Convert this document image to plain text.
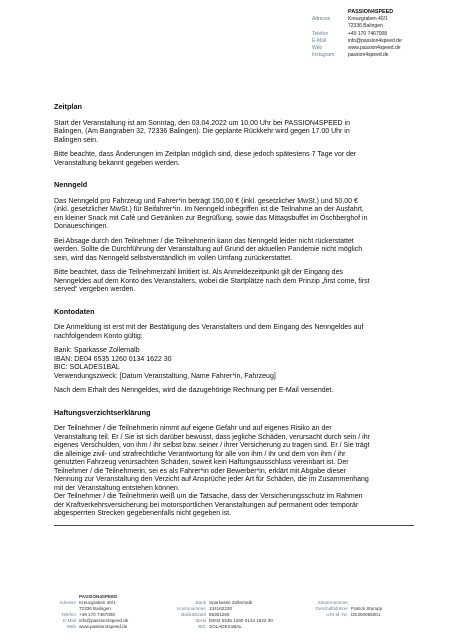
PASSION4SPEED
Adresse	Kreuzgraben 40/1
72336 Balingen
Telefon	+49 170 7467008
E-Mail	info@passion4speed.de
Web	www.passion4speed.de
Instagram	passion4speed.de
Zeitplan
Start der Veranstaltung ist am Sonntag, den 03.04.2022 um 10.00 Uhr bei PASSION4SPEED in
Balingen, (Am Bangraben 32, 72336 Balingen). Die geplante Rückkehr wird gegen 17.00 Uhr in
Balingen sein.
Bitte beachte, dass Änderungen im Zeitplan möglich sind, diese jedoch spätestens 7 Tage vor der
Veranstaltung bekannt gegeben werden.
Nenngeld
Das Nenngeld pro Fahrzeug und Fahrer*in beträgt 150,00 € (inkl. gesetzlicher MwSt.) und 50,00 €
(inkl. gesetzlicher MwSt.) für Beifahrer*in. Im Nenngeld inbegriffen ist die Teilnahme an der Ausfahrt,
ein kleiner Snack mit Café und Getränken zur Begrüßung, sowie das Mittagsbuffet im Öschberghof in
Donaueschingen.
Bei Absage durch den Teilnehmer / die Teilnehmerin kann das Nenngeld leider nicht rückerstattet
werden. Sollte die Durchführung der Veranstaltung auf Grund der aktuellen Pandemie nicht möglich
sein, wird das Nenngeld selbstverständlich im vollen Umfang zurückerstattet.
Bitte beachtet, dass die Teilnehmerzahl limitiert ist. Als Anmeldezeitpunkt gilt der Eingang des
Nenngeldes auf dem Konto des Veranstalters, wobei die Startplätze nach dem Prinzip „first come, first
served“ vergeben werden.
Kontodaten
Die Anmeldung ist erst mit der Bestätigung des Veranstalters und dem Eingang des Nenngeldes auf
nachfolgendem Konto gültig:
Bank: Sparkasse Zollernalb
IBAN: DE04 6535 1260 0134 1622 30
BIC: SOLADES1BAL
Verwendungszweck: [Datum Veranstaltung, Name Fahrer*in, Fahrzeug]
Nach dem Erhalt des Nenngeldes, wird die dazugehörige Rechnung per E-Mail versendet.
Haftungsverzichtserklärung
Der Teilnehmer / die Teilnehmerin nimmt auf eigene Gefahr und auf eigenes Risiko an der
Veranstaltung teil. Er / Sie ist sich darüber bewusst, dass jegliche Schäden, verursacht durch sein / ihr
eigenes Verschulden, von ihm / ihr selbst bzw. seiner / ihrer Versicherung zu tragen sind. Er / Sie trägt
die alleinige zivil- und strafrechtliche Verantwortung für alle von ihm / ihr und dem von ihm / ihr
genutzten Fahrzeug verursachten Schäden, soweit kein Haftungsausschluss vereinbart ist. Der
Teilnehmer / die Teilnehmerin, sei es als Fahrer*in oder Bewerber*in, erklärt mit Abgabe dieser
Nennung zur Veranstaltung den Verzicht auf Ansprüche jeder Art für Schäden, die im Zusammenhang
mit der Veranstaltung entstehen können.
Der Teilnehmer / die Teilnehmerin weiß um die Tatsache, dass der Versicherungsschutz im Rahmen
der Kraftverkehrsversicherung bei motorsportlichen Veranstaltungen auf permanent oder temporär
abgesperrten Strecken gegebenenfalls nicht gegeben ist.
PASSION4SPEED
Adresse Kreuzgraben 40/1
72336 Balingen
Telefon +49 170 7467008
E-Mail info@passion4speed.de
Web www.passion4speed.de
Bank Sparkasse Zollernalb
Kontonummer 134162230
Bankleitzahl 65351260
IBAN DE04 6535 1260 0134 1622 30
BIC SOLADES1BAL
Steuernummer
Geschäftsführer Patrick Stumpp
USt-Id.-Nr. DE300065001
